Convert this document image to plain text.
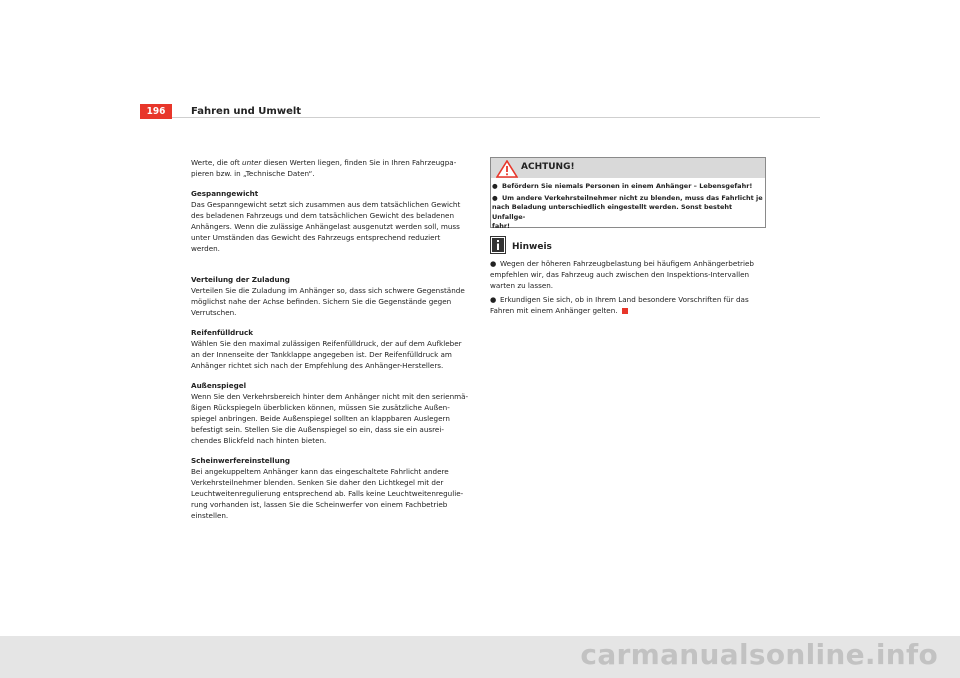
196	Fahren und Umwelt

Werte, die oft unter diesen Werten liegen, finden Sie in Ihren Fahrzeugpa-
pieren bzw. in „Technische Daten“.

Gespanngewicht

Das Gespanngewicht setzt sich zusammen aus dem tatsächlichen Gewicht
des beladenen Fahrzeugs und dem tatsächlichen Gewicht des beladenen
Anhängers. Wenn die zulässige Anhängelast ausgenutzt werden soll, muss
unter Umständen das Gewicht des Fahrzeugs entsprechend reduziert
werden.

Verteilung der Zuladung

Verteilen Sie die Zuladung im Anhänger so, dass sich schwere Gegenstände
möglichst nahe der Achse befinden. Sichern Sie die Gegenstände gegen
Verrutschen.

Reifenfülldruck

Wählen Sie den maximal zulässigen Reifenfülldruck, der auf dem Aufkleber
an der Innenseite der Tankklappe angegeben ist. Der Reifenfülldruck am
Anhänger richtet sich nach der Empfehlung des Anhänger-Herstellers.

Außenspiegel

Wenn Sie den Verkehrsbereich hinter dem Anhänger nicht mit den serienmä-
ßigen Rückspiegeln überblicken können, müssen Sie zusätzliche Außen-
spiegel anbringen. Beide Außenspiegel sollten an klappbaren Auslegern
befestigt sein. Stellen Sie die Außenspiegel so ein, dass sie ein ausrei-
chendes Blickfeld nach hinten bieten.

Scheinwerfereinstellung

Bei angekuppeltem Anhänger kann das eingeschaltete Fahrlicht andere
Verkehrsteilnehmer blenden. Senken Sie daher den Lichtkegel mit der
Leuchtweitenregulierung entsprechend ab. Falls keine Leuchtweitenregulie-
rung vorhanden ist, lassen Sie die Scheinwerfer von einem Fachbetrieb
einstellen.

ACHTUNG!
● Befördern Sie niemals Personen in einem Anhänger – Lebensgefahr!
● Um andere Verkehrsteilnehmer nicht zu blenden, muss das Fahrlicht je
nach Beladung unterschiedlich eingestellt werden. Sonst besteht Unfallge-
fahr!
Hinweis
● Wegen der höheren Fahrzeugbelastung bei häufigem Anhängerbetrieb
empfehlen wir, das Fahrzeug auch zwischen den Inspektions-Intervallen
warten zu lassen.
● Erkundigen Sie sich, ob in Ihrem Land besondere Vorschriften für das
Fahren mit einem Anhänger gelten.
carmanualsonline.info
